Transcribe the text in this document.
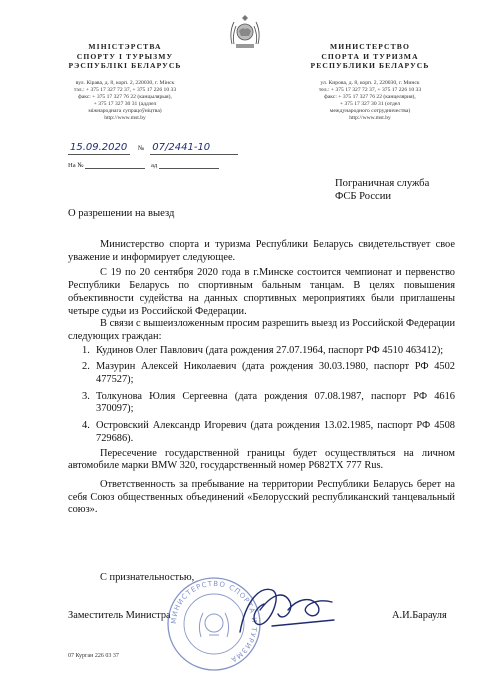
МІНІСТЭРСТВА
СПОРТУ І ТУРЫЗМУ
РЭСПУБЛІКІ БЕЛАРУСЬ
вул. Кірава, д. 8, корп. 2, 220030, г. Мінск
тэл.: + 375 17 327 72 37, + 375 17 226 10 33
факс: + 375 17 327 76 22 (канцылярыя),
+ 375 17 327 30 31 (аддзел
міжнароднага супрацоўніцтва)
http://www.mst.by
МИНИСТЕРСТВО
СПОРТА И ТУРИЗМА
РЕСПУБЛИКИ БЕЛАРУСЬ
ул. Кирова, д. 8, корп. 2, 220030, г. Минск
тел.: + 375 17 327 72 37, + 375 17 226 10 33
факс: + 375 17 327 76 22 (канцелярия),
+ 375 17 327 30 31 (отдел
международного сотрудничества)
http://www.mst.by
15.09.2020 № 07/2441-10
На №	ад
Пограничная служба
ФСБ России
О разрешении на выезд

Министерство спорта и туризма Республики Беларусь свидетельствует свое уважение и информирует следующее.

С 19 по 20 сентября 2020 года в г.Минске состоится чемпионат и первенство Республики Беларусь по спортивным бальным танцам. В целях повышения объективности судейства на данных спортивных мероприятиях были приглашены четыре судьи из Российской Федерации.

В связи с вышеизложенным просим разрешить выезд из Российской Федерации следующих граждан:

1. Кудинов Олег Павлович (дата рождения 27.07.1964, паспорт РФ 4510 463412);
2. Мазурин Алексей Николаевич (дата рождения 30.03.1980, паспорт РФ 4502 477527);
3. Толкунова Юлия Сергеевна (дата рождения 07.08.1987, паспорт РФ 4616 370097);
4. Островский Александр Игоревич (дата рождения 13.02.1985, паспорт РФ 4508 729686).

Пересечение государственной границы будет осуществляться на личном автомобиле марки BMW 320, государственный номер Р682ТХ 777 Rus.

Ответственность за пребывание на территории Республики Беларусь берет на себя Союз общественных объединений «Белорусский республиканский танцевальный союз».

С признательностью,
Заместитель Министра	А.И.Барауля
МИНИСТЕРСТВО СПОРТА И ТУРИЗМА
07 Курган 226 03 37
